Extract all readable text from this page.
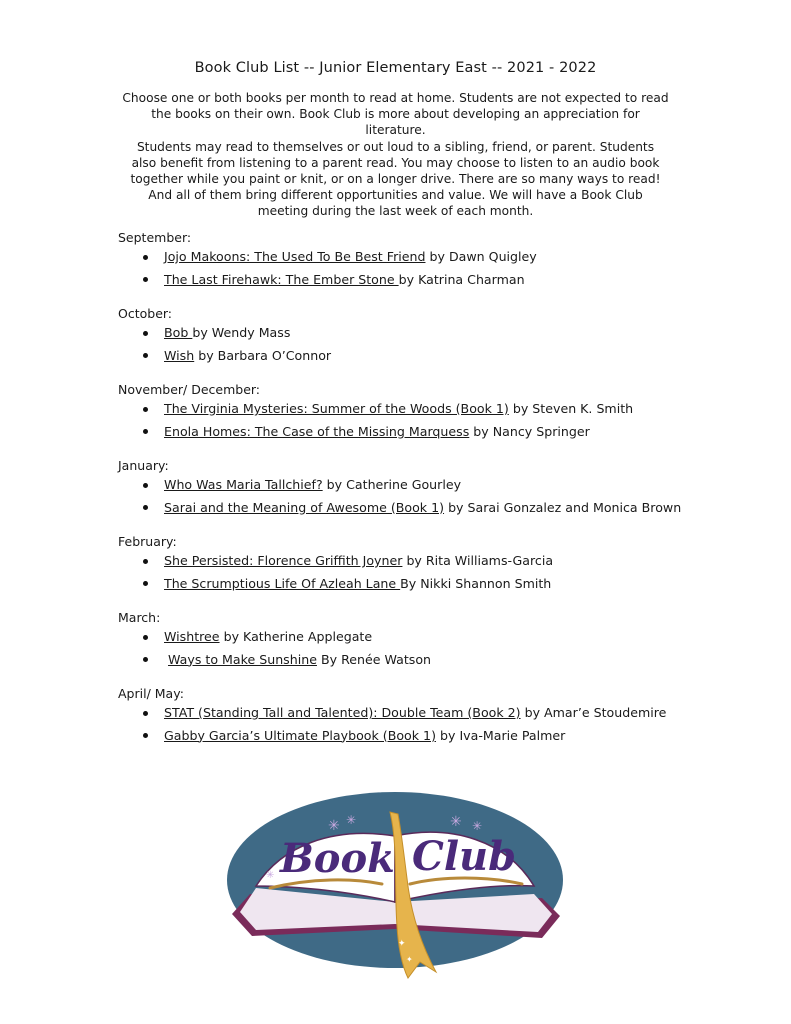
Book Club List -- Junior Elementary East -- 2021 - 2022
Choose one or both books per month to read at home. Students are not expected to read
the books on their own. Book Club is more about developing an appreciation for literature.
Students may read to themselves or out loud to a sibling, friend, or parent. Students
also benefit from listening to a parent read. You may choose to listen to an audio book
together while you paint or knit, or on a longer drive. There are so many ways to read!
And all of them bring different opportunities and value. We will have a Book Club
meeting during the last week of each month.
September:
Jojo Makoons: The Used To Be Best Friend by Dawn Quigley
The Last Firehawk: The Ember Stone by Katrina Charman
October:
Bob by Wendy Mass
Wish by Barbara O’Connor
November/ December:
The Virginia Mysteries: Summer of the Woods (Book 1) by Steven K. Smith
Enola Homes: The Case of the Missing Marquess by Nancy Springer
January:
Who Was Maria Tallchief? by Catherine Gourley
Sarai and the Meaning of Awesome (Book 1) by Sarai Gonzalez and Monica Brown
February:
She Persisted: Florence Griffith Joyner by Rita Williams-Garcia
The Scrumptious Life Of Azleah Lane By Nikki Shannon Smith
March:
Wishtree by Katherine Applegate
Ways to Make Sunshine By Renée Watson
April/ May:
STAT (Standing Tall and Talented): Double Team (Book 2) by Amar’e Stoudemire
Gabby Garcia’s Ultimate Playbook (Book 1) by Iva-Marie Palmer
✳ ✳	✳ ✳
✳ Book Club
✦
✦
